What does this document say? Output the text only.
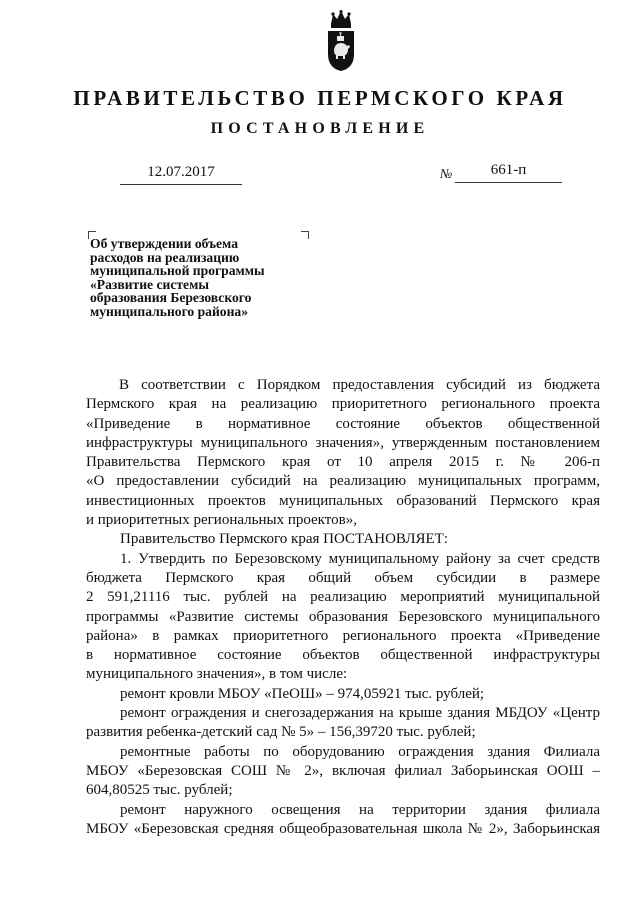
ПРАВИТЕЛЬСТВО ПЕРМСКОГО КРАЯ
ПОСТАНОВЛЕНИЕ
12.07.2017	№	661-п
Об утверждении объема
расходов на реализацию
муниципальной программы
«Развитие системы
образования Березовского
муниципального района»
В соответствии с Порядком предоставления субсидий из бюджета
Пермского края на реализацию приоритетного регионального проекта
«Приведение в нормативное состояние объектов общественной
инфраструктуры муниципального значения», утвержденным постановлением
Правительства Пермского края от 10 апреля 2015 г. № 206-п
«О предоставлении субсидий на реализацию муниципальных программ,
инвестиционных проектов муниципальных образований Пермского края
и приоритетных региональных проектов»,
Правительство Пермского края ПОСТАНОВЛЯЕТ:
1. Утвердить по Березовскому муниципальному району за счет средств
бюджета Пермского края общий объем субсидии в размере
2 591,21116 тыс. рублей на реализацию мероприятий муниципальной
программы «Развитие системы образования Березовского муниципального
района» в рамках приоритетного регионального проекта «Приведение
в нормативное состояние объектов общественной инфраструктуры
муниципального значения», в том числе:
ремонт кровли МБОУ «ПеОШ» – 974,05921 тыс. рублей;
ремонт ограждения и снегозадержания на крыше здания МБДОУ «Центр
развития ребенка-детский сад № 5» – 156,39720 тыс. рублей;
ремонтные работы по оборудованию ограждения здания Филиала
МБОУ «Березовская СОШ № 2», включая филиал Заборьинская ООШ –
604,80525 тыс. рублей;
ремонт наружного освещения на территории здания филиала
МБОУ «Березовская средняя общеобразовательная школа № 2», Заборьинская
